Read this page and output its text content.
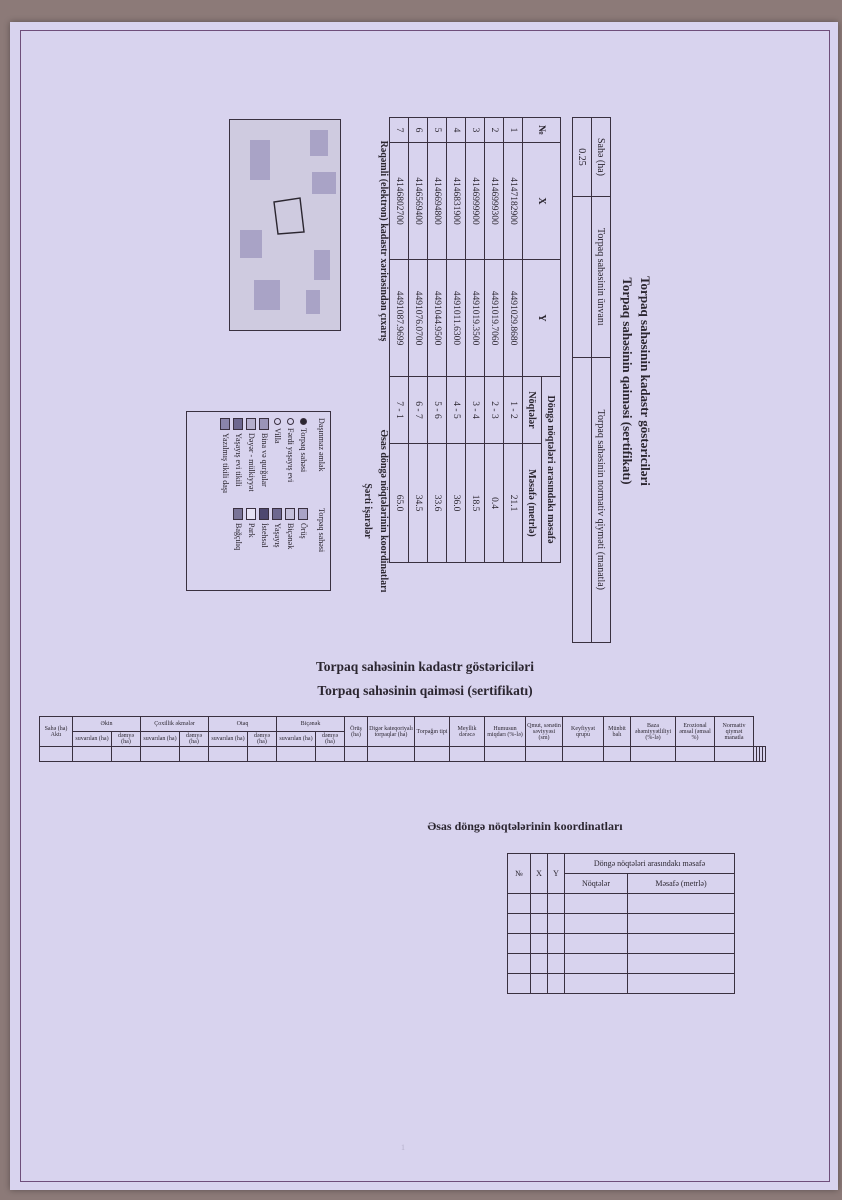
Torpaq sahəsinin kadastr göstəriciləri
Torpaq sahəsinin qaiməsi (sertifikatı)
Sahə (ha)	Torpaq sahəsinin ünvanı	Torpaq sahəsinin normativ qiyməti (manatla)
0.25		
№	X	Y	Döngə nöqtələri arasındakı məsafə	
			Nöqtələr	Məsafə (metrlə)
1	4147182900	4491029.8680	1 - 2	21.1
2	4146999300	4491019.7060	2 - 3	0.4
3	4146999900	4491019.3500	3 - 4	18.5
4	4146831900	4491011.6300	4 - 5	36.0
5	4146694800	4491044.9500	5 - 6	33.6
6	4146569400	4491076.0700	6 - 7	34.5
7	4146802700	4491087.9699	7 - 1	65.0
Rəqəmli (elektron) kadastr xəritəsindən çıxarış
Əsas döngə nöqtələrinin koordinatları
Şərti işarələr
Daşınmaz əmlak
Torpaq sahəsi
Torpaq sahəsi
Fərdi yaşayış evi
Villa
Bina və qurğular
Dəyər - mülkiyyət
Yaşayış evi tikili
Yazılmış tikili daşı
Örüş
Biçənək
Yaşayış
İstehsal
Park
Bağçılıq
Torpaq sahəsinin kadastr göstəriciləri
Torpaq sahəsinin qaiməsi (sertifikatı)
Sahə (ha) Aktı	Əkin		Çoxillik əkmələr		Otaq		Biçənək		Örüş (ha)	Digər kateqoriyalı torpaqlar (ha)	Torpağın tipi	Meyllik dərəcə	Humusun miqdarı (%-lə)	Qmut, sənətin səviyyəsi (sm)	Keyfiyyət qrupu	Münbit balı	Baza əhəmiyyətliliyi (%-lə)	Erozional əmsal (əmsal %)	Normativ qiymət manatla				
	suvarılan (ha)	dəmyə (ha)	suvarılan (ha)	dəmyə (ha)	suvarılan (ha)	dəmyə (ha)	suvarılan (ha)	dəmyə (ha)															

Əsas döngə nöqtələrinin koordinatları
№	X	Y	Döngə nöqtələri arasındakı məsafə	
			Nöqtələr	Məsafə (metrlə)

1
